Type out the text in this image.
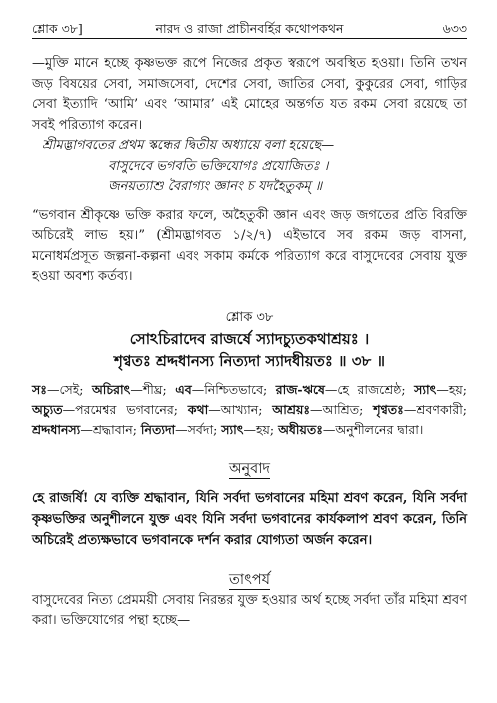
শ্লোক ৩৮]	নারদ ও রাজা প্রাচীনবর্হির কথোপকথন	৬৩৩

—মুক্তি মানে হচ্ছে কৃষ্ণভক্ত রূপে নিজের প্রকৃত স্বরূপে অবস্থিত হওয়া। তিনি তখন জড় বিষয়ের সেবা, সমাজসেবা, দেশের সেবা, জাতির সেবা, কুকুরের সেবা, গাড়ির সেবা ইত্যাদি ‘আমি’ এবং ‘আমার’ এই মোহের অন্তর্গত যত রকম সেবা রয়েছে তা সবই পরিত্যাগ করেন।

শ্রীমদ্ভাগবতের প্রথম স্কন্ধের দ্বিতীয় অধ্যায়ে বলা হয়েছে—

বাসুদেবে ভগবতি ভক্তিযোগঃ প্রযোজিতঃ ।
জনয়ত্যাশু বৈরাগ্যং জ্ঞানং চ যদহৈতুকম্ ॥

“ভগবান শ্রীকৃষ্ণে ভক্তি করার ফলে, অহৈতুকী জ্ঞান এবং জড় জগতের প্রতি বিরক্তি অচিরেই লাভ হয়।” (শ্রীমদ্ভাগবত ১/২/৭) এইভাবে সব রকম জড় বাসনা, মনোধর্মপ্রসূত জল্পনা-কল্পনা এবং সকাম কর্মকে পরিত্যাগ করে বাসুদেবের সেবায় যুক্ত হওয়া অবশ্য কর্তব্য।

শ্লোক ৩৮
সোঽচিরাদেব রাজর্ষে স্যাদচ্যুতকথাশ্রয়ঃ ।
শৃণ্বতঃ শ্রদ্দধানস্য নিত্যদা স্যাদধীয়তঃ ॥ ৩৮ ॥

সঃ—সেই; অচিরাৎ—শীঘ্র; এব—নিশ্চিতভাবে; রাজ-ঋষে—হে রাজশ্রেষ্ঠ; স্যাৎ—হয়; অচ্যুত—পরমেশ্বর ভগবানের; কথা—আখ্যান; আশ্রয়ঃ—আশ্রিত; শৃণ্বতঃ—শ্রবণকারী; শ্রদ্দধানস্য—শ্রদ্ধাবান; নিত্যদা—সর্বদা; স্যাৎ—হয়; অধীয়তঃ—অনুশীলনের দ্বারা।

অনুবাদ

হে রাজর্ষি! যে ব্যক্তি শ্রদ্ধাবান, যিনি সর্বদা ভগবানের মহিমা শ্রবণ করেন, যিনি সর্বদা কৃষ্ণভক্তির অনুশীলনে যুক্ত এবং যিনি সর্বদা ভগবানের কার্যকলাপ শ্রবণ করেন, তিনি অচিরেই প্রত্যক্ষভাবে ভগবানকে দর্শন করার যোগ্যতা অর্জন করেন।

তাৎপর্য

বাসুদেবের নিত্য প্রেমময়ী সেবায় নিরন্তর যুক্ত হওয়ার অর্থ হচ্ছে সর্বদা তাঁর মহিমা শ্রবণ করা। ভক্তিযোগের পন্থা হচ্ছে—
